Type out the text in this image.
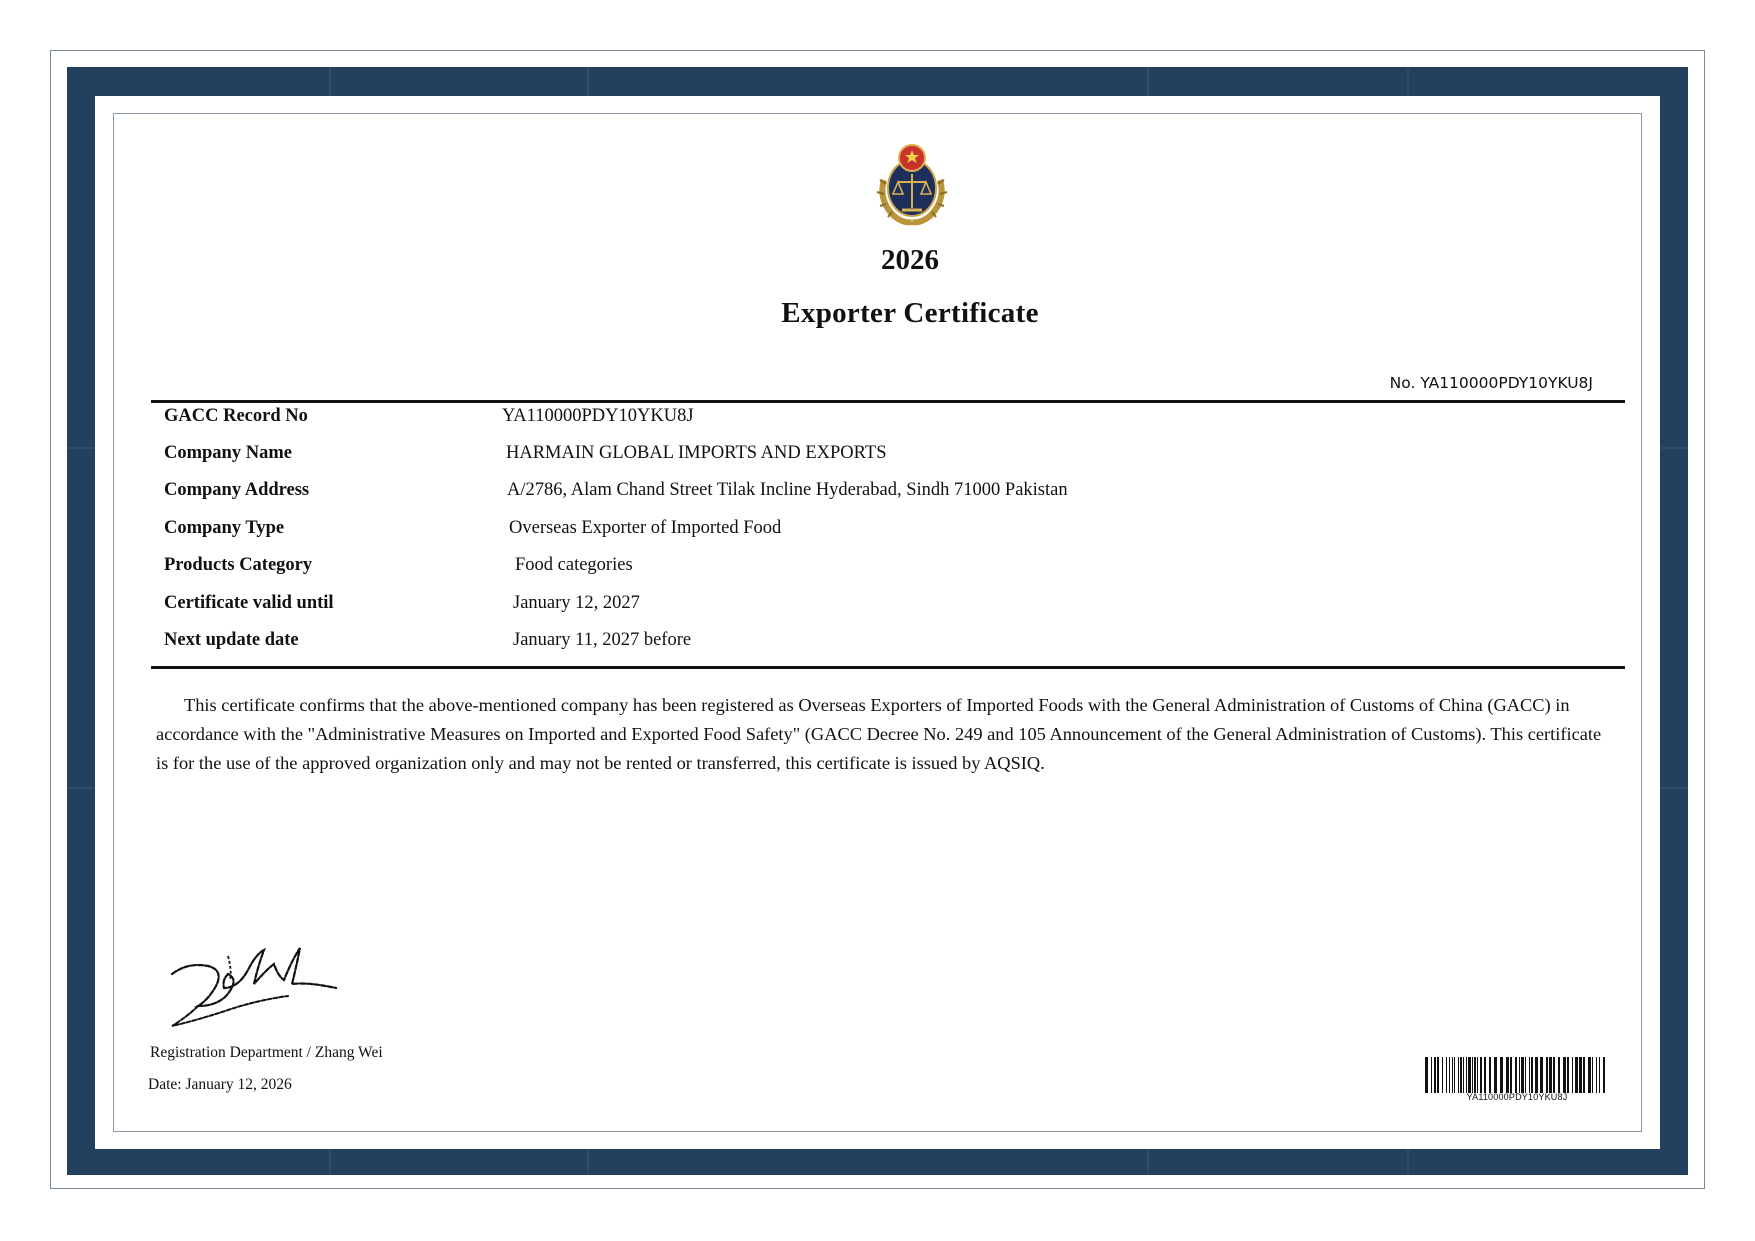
2026
Exporter Certificate
No. YA110000PDY10YKU8J
GACC Record No	YA110000PDY10YKU8J
Company Name	HARMAIN GLOBAL IMPORTS AND EXPORTS
Company Address	A/2786, Alam Chand Street Tilak Incline Hyderabad, Sindh 71000 Pakistan
Company Type	Overseas Exporter of Imported Food
Products Category	Food categories
Certificate valid until	January 12, 2027
Next update date	January 11, 2027 before
This certificate confirms that the above-mentioned company has been registered as Overseas Exporters of Imported Foods with the General Administration of Customs of China (GACC) in accordance with the "Administrative Measures on Imported and Exported Food Safety" (GACC Decree No. 249 and 105 Announcement of the General Administration of Customs). This certificate is for the use of the approved organization only and may not be rented or transferred, this certificate is issued by AQSIQ.
Registration Department / Zhang Wei
Date: January 12, 2026
YA110000PDY10YKU8J
